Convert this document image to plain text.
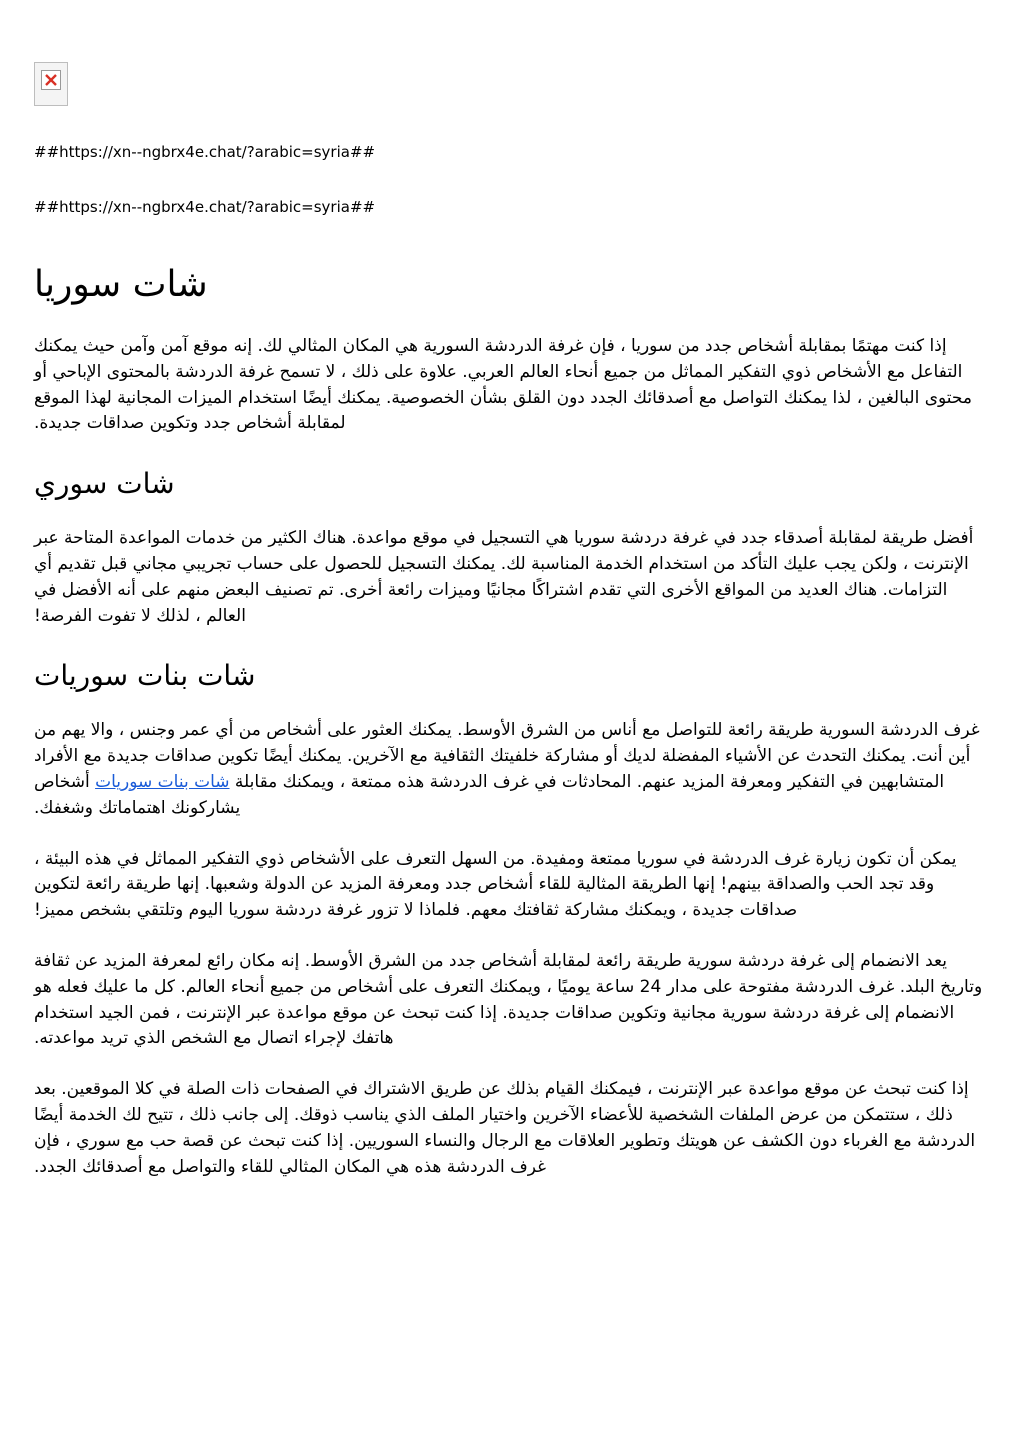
##https://xn--ngbrx4e.chat/?arabic=syria##

##https://xn--ngbrx4e.chat/?arabic=syria##

شات سوريا

إذا كنت مهتمًا بمقابلة أشخاص جدد من سوريا ، فإن غرفة الدردشة السورية هي المكان المثالي لك. إنه موقع آمن وآمن حيث يمكنك التفاعل مع الأشخاص ذوي التفكير المماثل من جميع أنحاء العالم العربي. علاوة على ذلك ، لا تسمح غرفة الدردشة بالمحتوى الإباحي أو محتوى البالغين ، لذا يمكنك التواصل مع أصدقائك الجدد دون القلق بشأن الخصوصية. يمكنك أيضًا استخدام الميزات المجانية لهذا الموقع لمقابلة أشخاص جدد وتكوين صداقات جديدة.

شات سوري

أفضل طريقة لمقابلة أصدقاء جدد في غرفة دردشة سوريا هي التسجيل في موقع مواعدة. هناك الكثير من خدمات المواعدة المتاحة عبر الإنترنت ، ولكن يجب عليك التأكد من استخدام الخدمة المناسبة لك. يمكنك التسجيل للحصول على حساب تجريبي مجاني قبل تقديم أي التزامات. هناك العديد من المواقع الأخرى التي تقدم اشتراكًا مجانيًا وميزات رائعة أخرى. تم تصنيف البعض منهم على أنه الأفضل في العالم ، لذلك لا تفوت الفرصة!

شات بنات سوريات

غرف الدردشة السورية طريقة رائعة للتواصل مع أناس من الشرق الأوسط. يمكنك العثور على أشخاص من أي عمر وجنس ، والا يهم من أين أنت. يمكنك التحدث عن الأشياء المفضلة لديك أو مشاركة خلفيتك الثقافية مع الآخرين. يمكنك أيضًا تكوين صداقات جديدة مع الأفراد المتشابهين في التفكير ومعرفة المزيد عنهم. المحادثات في غرف الدردشة هذه ممتعة ، ويمكنك مقابلة شات بنات سوريات أشخاص يشاركونك اهتماماتك وشغفك.

يمكن أن تكون زيارة غرف الدردشة في سوريا ممتعة ومفيدة. من السهل التعرف على الأشخاص ذوي التفكير المماثل في هذه البيئة ، وقد تجد الحب والصداقة بينهم! إنها الطريقة المثالية للقاء أشخاص جدد ومعرفة المزيد عن الدولة وشعبها. إنها طريقة رائعة لتكوين صداقات جديدة ، ويمكنك مشاركة ثقافتك معهم. فلماذا لا تزور غرفة دردشة سوريا اليوم وتلتقي بشخص مميز!

يعد الانضمام إلى غرفة دردشة سورية طريقة رائعة لمقابلة أشخاص جدد من الشرق الأوسط. إنه مكان رائع لمعرفة المزيد عن ثقافة وتاريخ البلد. غرف الدردشة مفتوحة على مدار 24 ساعة يوميًا ، ويمكنك التعرف على أشخاص من جميع أنحاء العالم. كل ما عليك فعله هو الانضمام إلى غرفة دردشة سورية مجانية وتكوين صداقات جديدة. إذا كنت تبحث عن موقع مواعدة عبر الإنترنت ، فمن الجيد استخدام هاتفك لإجراء اتصال مع الشخص الذي تريد مواعدته.

إذا كنت تبحث عن موقع مواعدة عبر الإنترنت ، فيمكنك القيام بذلك عن طريق الاشتراك في الصفحات ذات الصلة في كلا الموقعين. بعد ذلك ، ستتمكن من عرض الملفات الشخصية للأعضاء الآخرين واختيار الملف الذي يناسب ذوقك. إلى جانب ذلك ، تتيح لك الخدمة أيضًا الدردشة مع الغرباء دون الكشف عن هويتك وتطوير العلاقات مع الرجال والنساء السوريين. إذا كنت تبحث عن قصة حب مع سوري ، فإن غرف الدردشة هذه هي المكان المثالي للقاء والتواصل مع أصدقائك الجدد.
